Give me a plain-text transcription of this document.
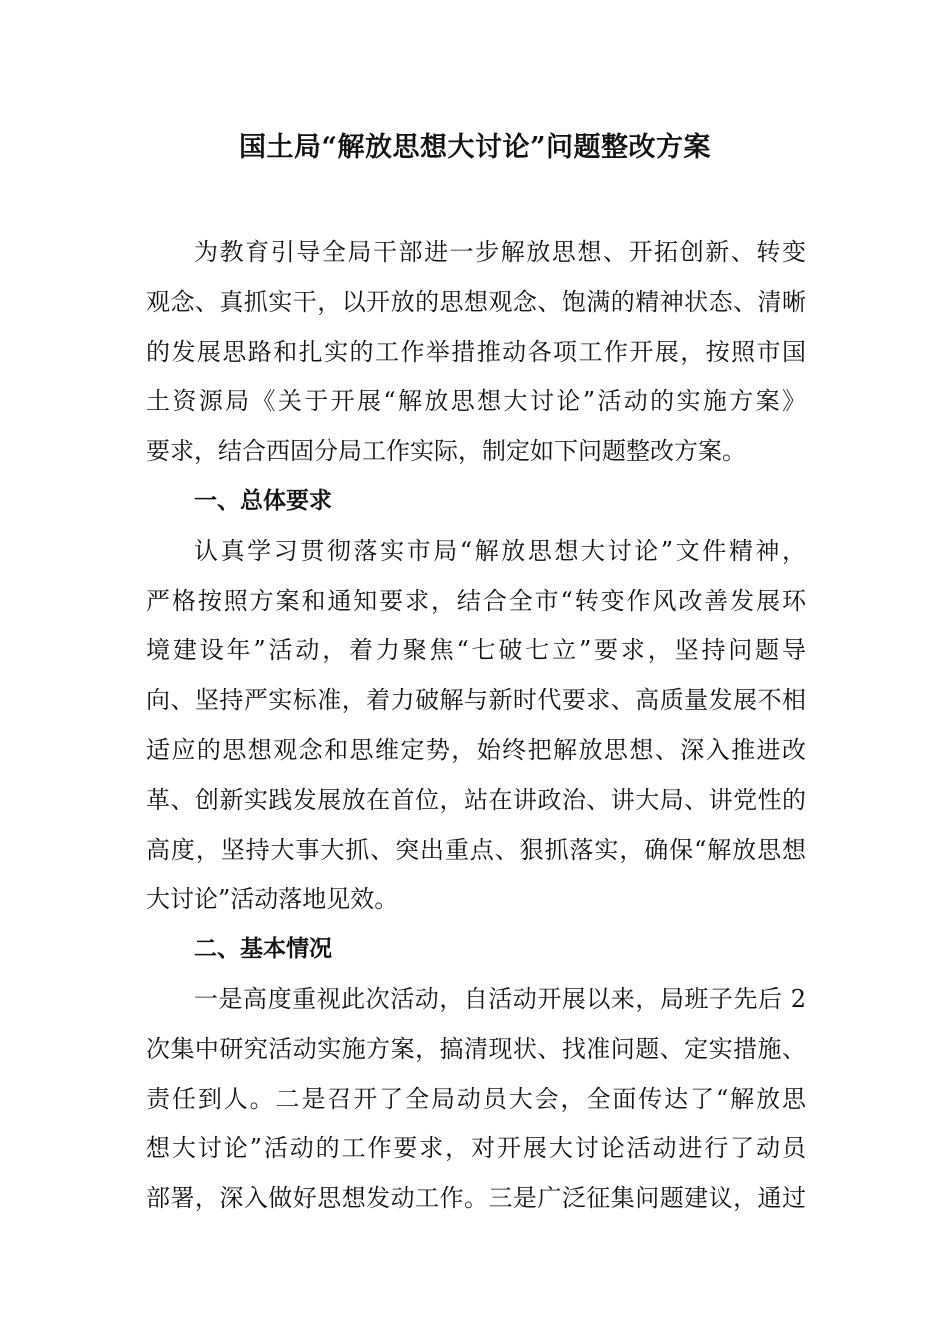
国土局“解放思想大讨论”问题整改方案
为教育引导全局干部进一步解放思想、开拓创新、转变
观念、真抓实干，以开放的思想观念、饱满的精神状态、清晰
的发展思路和扎实的工作举措推动各项工作开展，按照市国
土资源局《关于开展“解放思想大讨论”活动的实施方案》
要求，结合西固分局工作实际，制定如下问题整改方案。
一、总体要求
认真学习贯彻落实市局“解放思想大讨论”文件精神，
严格按照方案和通知要求，结合全市“转变作风改善发展环
境建设年”活动，着力聚焦“七破七立”要求，坚持问题导
向、坚持严实标准，着力破解与新时代要求、高质量发展不相
适应的思想观念和思维定势，始终把解放思想、深入推进改
革、创新实践发展放在首位，站在讲政治、讲大局、讲党性的
高度，坚持大事大抓、突出重点、狠抓落实，确保“解放思想
大讨论”活动落地见效。
二、基本情况
一是高度重视此次活动，自活动开展以来，局班子先后 2
次集中研究活动实施方案，搞清现状、找准问题、定实措施、
责任到人。二是召开了全局动员大会，全面传达了“解放思
想大讨论”活动的工作要求，对开展大讨论活动进行了动员
部署，深入做好思想发动工作。三是广泛征集问题建议，通过
